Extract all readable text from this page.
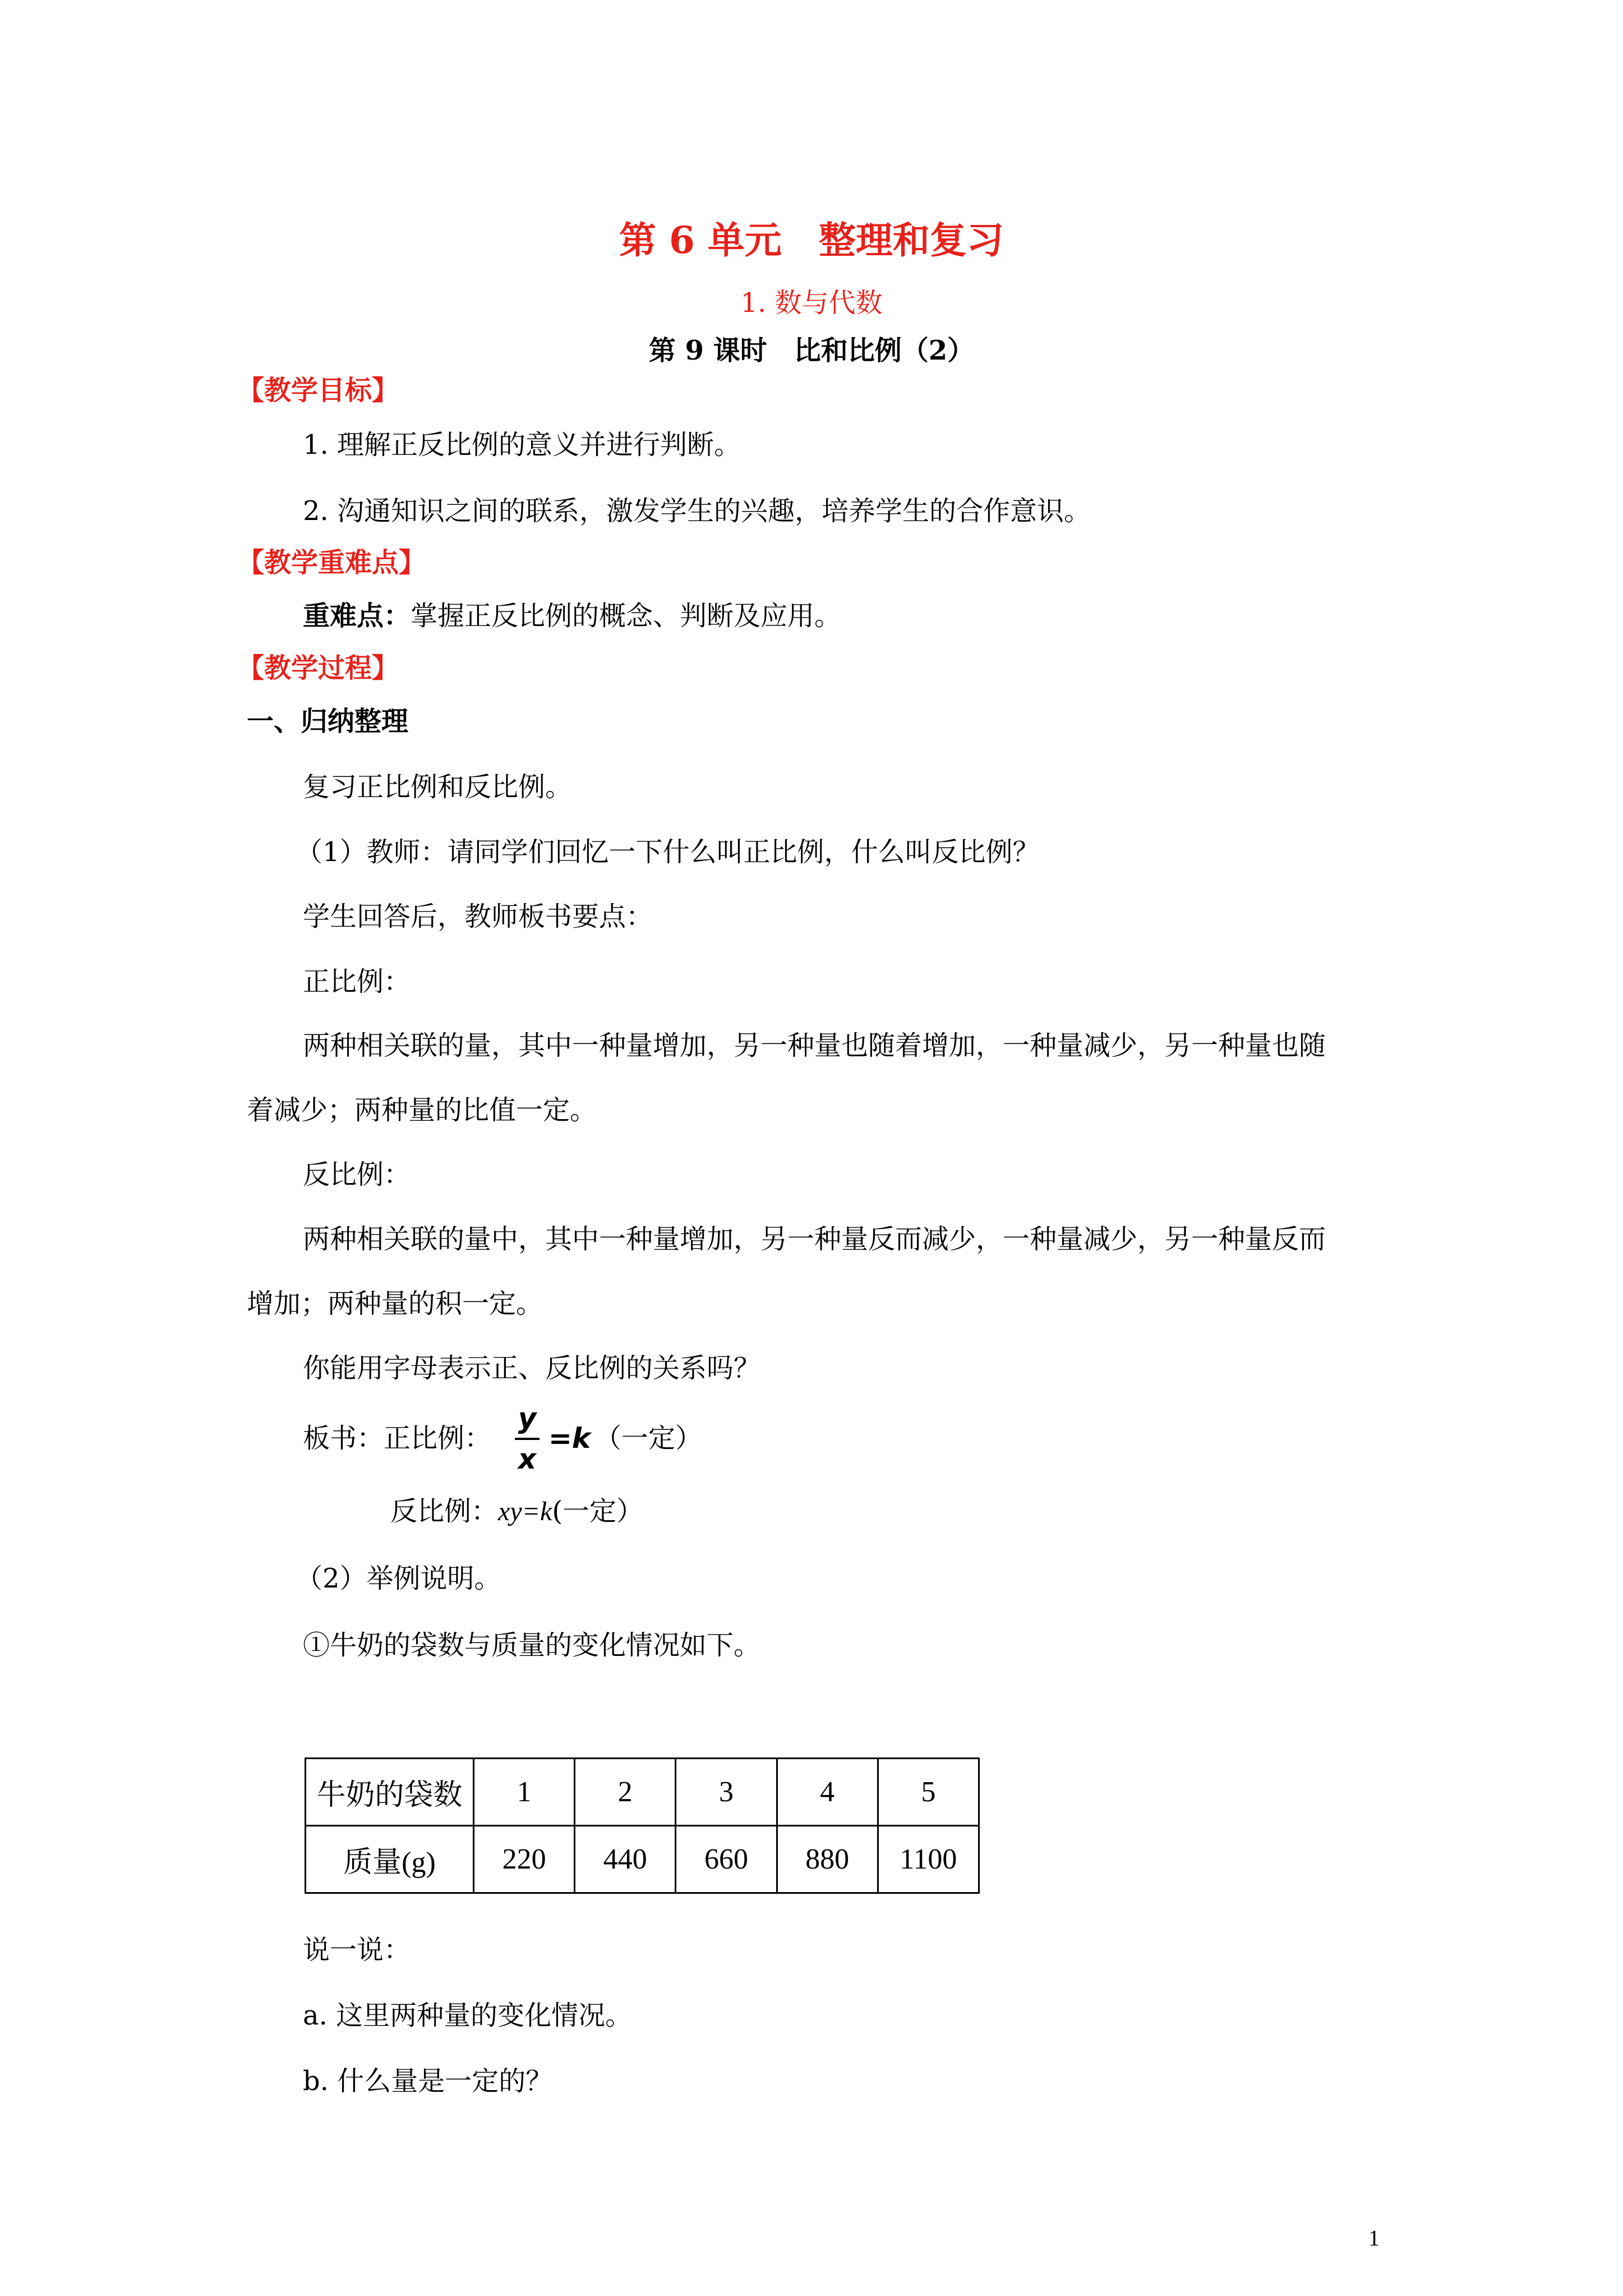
第 6 单元　整理和复习
1. 数与代数
第 9 课时　比和比例（2）
【教学目标】
1. 理解正反比例的意义并进行判断。
2. 沟通知识之间的联系，激发学生的兴趣，培养学生的合作意识。
【教学重难点】
重难点：掌握正反比例的概念、判断及应用。
【教学过程】
一、归纳整理
复习正比例和反比例。
（1）教师：请同学们回忆一下什么叫正比例，什么叫反比例？
学生回答后，教师板书要点：
正比例：
两种相关联的量，其中一种量增加，另一种量也随着增加，一种量减少，另一种量也随
着减少；两种量的比值一定。
反比例：
两种相关联的量中，其中一种量增加，另一种量反而减少，一种量减少，另一种量反而
增加；两种量的积一定。
你能用字母表示正、反比例的关系吗？
板书：正比例：
y
x
=k （一定）
反比例：xy=k(一定）
（2）举例说明。
①牛奶的袋数与质量的变化情况如下。
牛奶的袋数	1	2	3	4	5
质量(g)	220	440	660	880	1100
说一说：
a. 这里两种量的变化情况。
b. 什么量是一定的？
1
